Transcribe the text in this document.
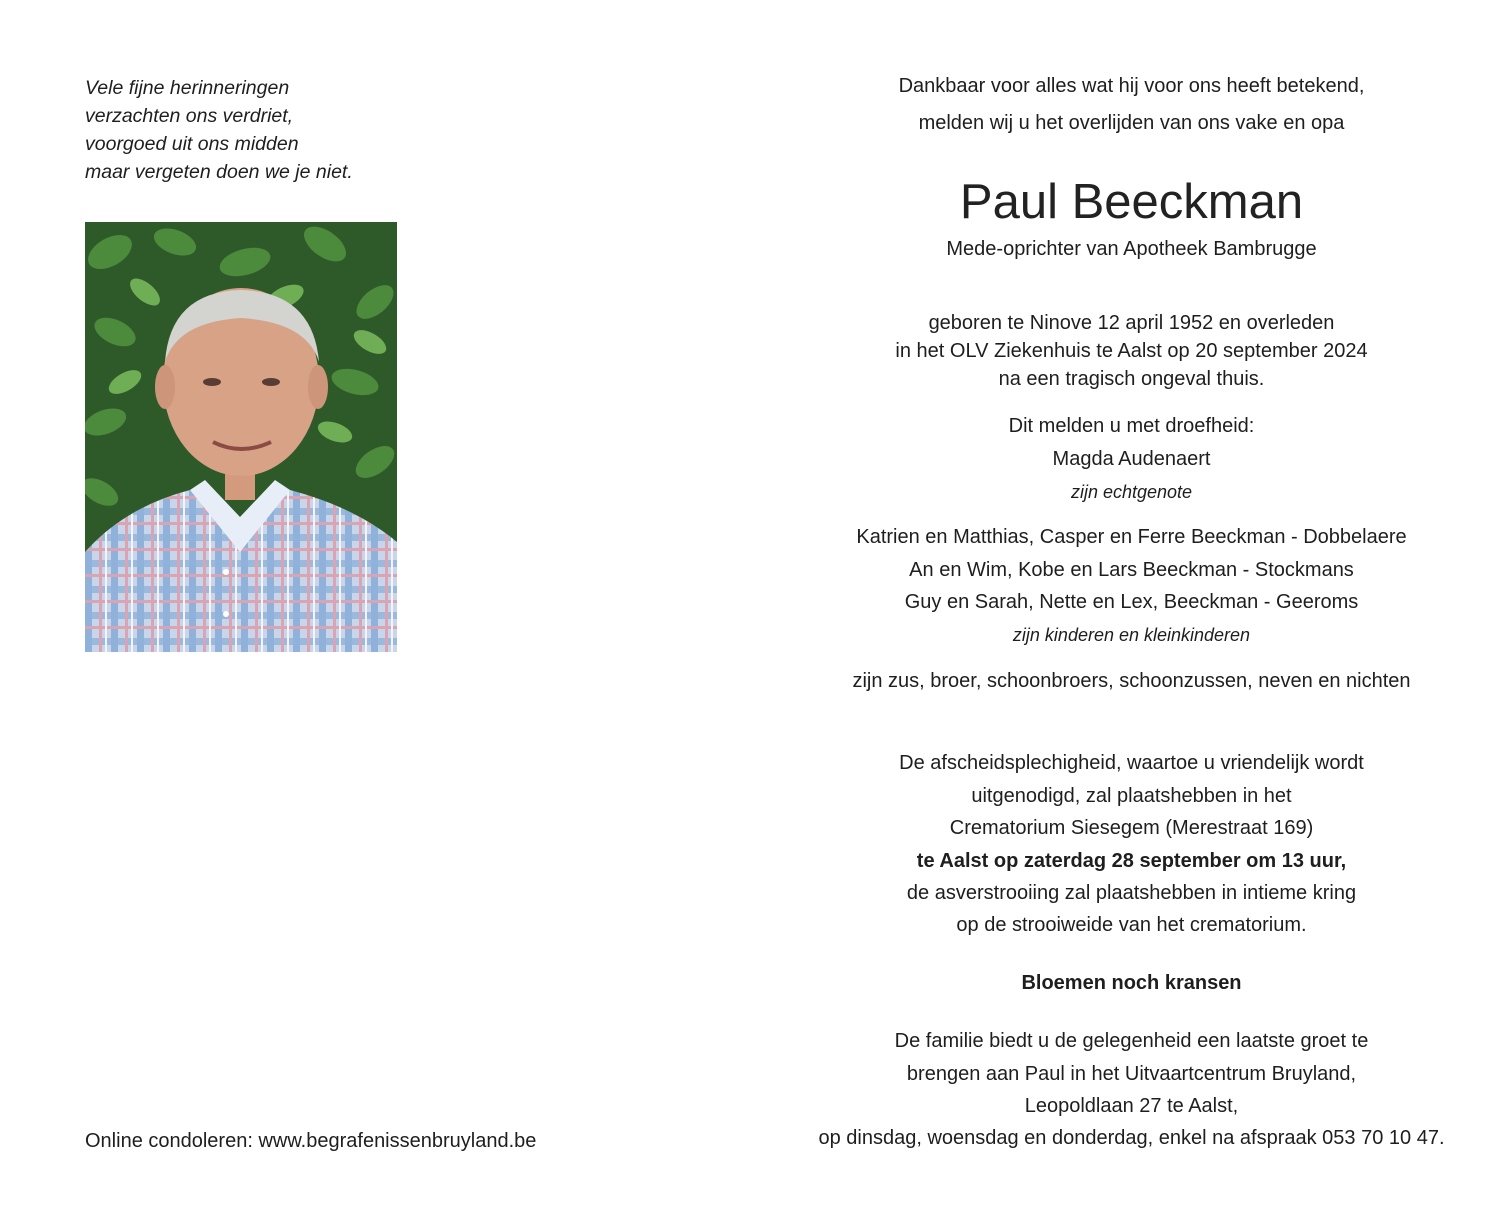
Vele fijne herinneringen
verzachten ons verdriet,
voorgoed uit ons midden
maar vergeten doen we je niet.
Online condoleren: www.begrafenissenbruyland.be
Dankbaar voor alles wat hij voor ons heeft betekend,
melden wij u het overlijden van ons vake en opa
Paul Beeckman
Mede-oprichter van Apotheek Bambrugge
geboren te Ninove 12 april 1952 en overleden
in het OLV Ziekenhuis te Aalst op 20 september 2024
na een tragisch ongeval thuis.
Dit melden u met droefheid:
Magda Audenaert
zijn echtgenote
Katrien en Matthias, Casper en Ferre Beeckman - Dobbelaere
An en Wim, Kobe en Lars Beeckman - Stockmans
Guy en Sarah, Nette en Lex, Beeckman - Geeroms
zijn kinderen en kleinkinderen
zijn zus, broer, schoonbroers, schoonzussen, neven en nichten
De afscheidsplechigheid, waartoe u vriendelijk wordt
uitgenodigd, zal plaatshebben in het
Crematorium Siesegem (Merestraat 169)
te Aalst op zaterdag 28 september om 13 uur,
de asverstrooiing zal plaatshebben in intieme kring
op de strooiweide van het crematorium.
Bloemen noch kransen
De familie biedt u de gelegenheid een laatste groet te
brengen aan Paul in het Uitvaartcentrum Bruyland,
Leopoldlaan 27 te Aalst,
op dinsdag, woensdag en donderdag, enkel na afspraak 053 70 10 47.
